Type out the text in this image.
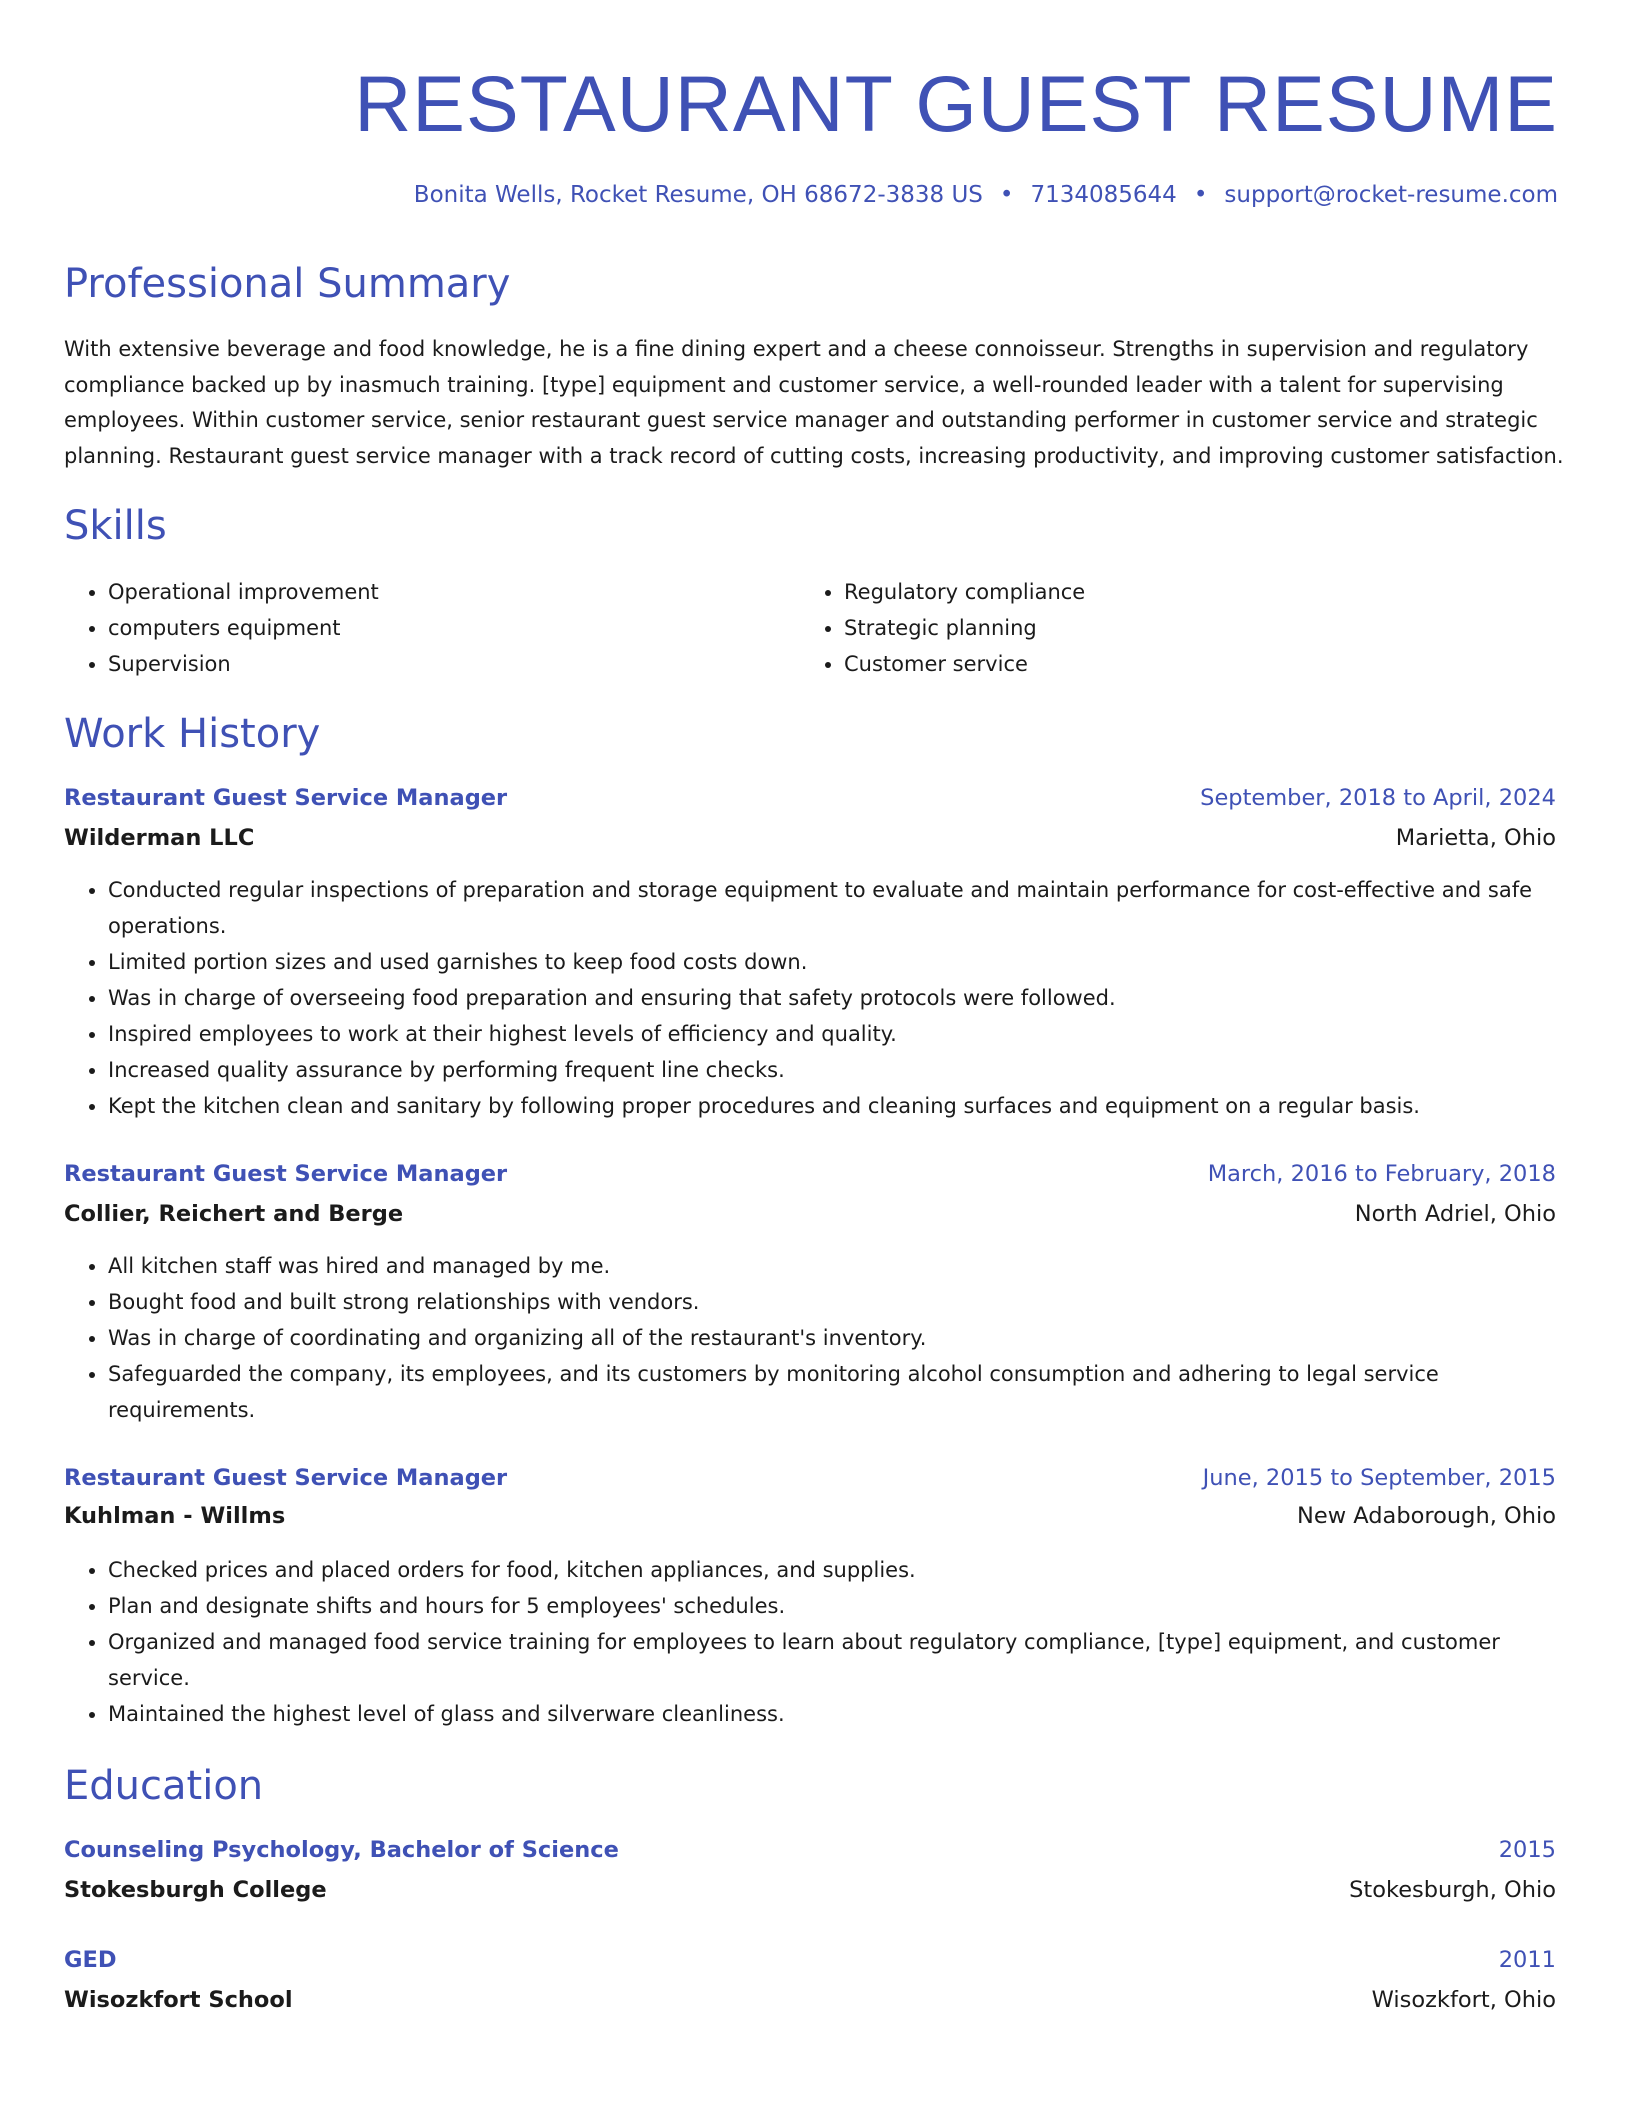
RESTAURANT GUEST RESUME
Bonita Wells, Rocket Resume, OH 68672-3838 US • 7134085644 • support@rocket-resume.com
Professional Summary

With extensive beverage and food knowledge, he is a fine dining expert and a cheese connoisseur. Strengths in supervision and regulatory compliance backed up by inasmuch training. [type] equipment and customer service, a well-rounded leader with a talent for supervising employees. Within customer service, senior restaurant guest service manager and outstanding performer in customer service and strategic planning. Restaurant guest service manager with a track record of cutting costs, increasing productivity, and improving customer satisfaction.

Skills
• Operational improvement
• computers equipment
• Supervision
• Regulatory compliance
• Strategic planning
• Customer service
Work History
Restaurant Guest Service Manager	September, 2018 to April, 2024
Wilderman LLC	Marietta, Ohio
• Conducted regular inspections of preparation and storage equipment to evaluate and maintain performance for cost-effective and safe operations.
• Limited portion sizes and used garnishes to keep food costs down.
• Was in charge of overseeing food preparation and ensuring that safety protocols were followed.
• Inspired employees to work at their highest levels of efficiency and quality.
• Increased quality assurance by performing frequent line checks.
• Kept the kitchen clean and sanitary by following proper procedures and cleaning surfaces and equipment on a regular basis.
Restaurant Guest Service Manager	March, 2016 to February, 2018
Collier, Reichert and Berge	North Adriel, Ohio
• All kitchen staff was hired and managed by me.
• Bought food and built strong relationships with vendors.
• Was in charge of coordinating and organizing all of the restaurant's inventory.
• Safeguarded the company, its employees, and its customers by monitoring alcohol consumption and adhering to legal service requirements.
Restaurant Guest Service Manager	June, 2015 to September, 2015
Kuhlman - Willms	New Adaborough, Ohio
• Checked prices and placed orders for food, kitchen appliances, and supplies.
• Plan and designate shifts and hours for 5 employees' schedules.
• Organized and managed food service training for employees to learn about regulatory compliance, [type] equipment, and customer service.
• Maintained the highest level of glass and silverware cleanliness.
Education
Counseling Psychology, Bachelor of Science	2015
Stokesburgh College	Stokesburgh, Ohio
GED	2011
Wisozkfort School	Wisozkfort, Ohio
